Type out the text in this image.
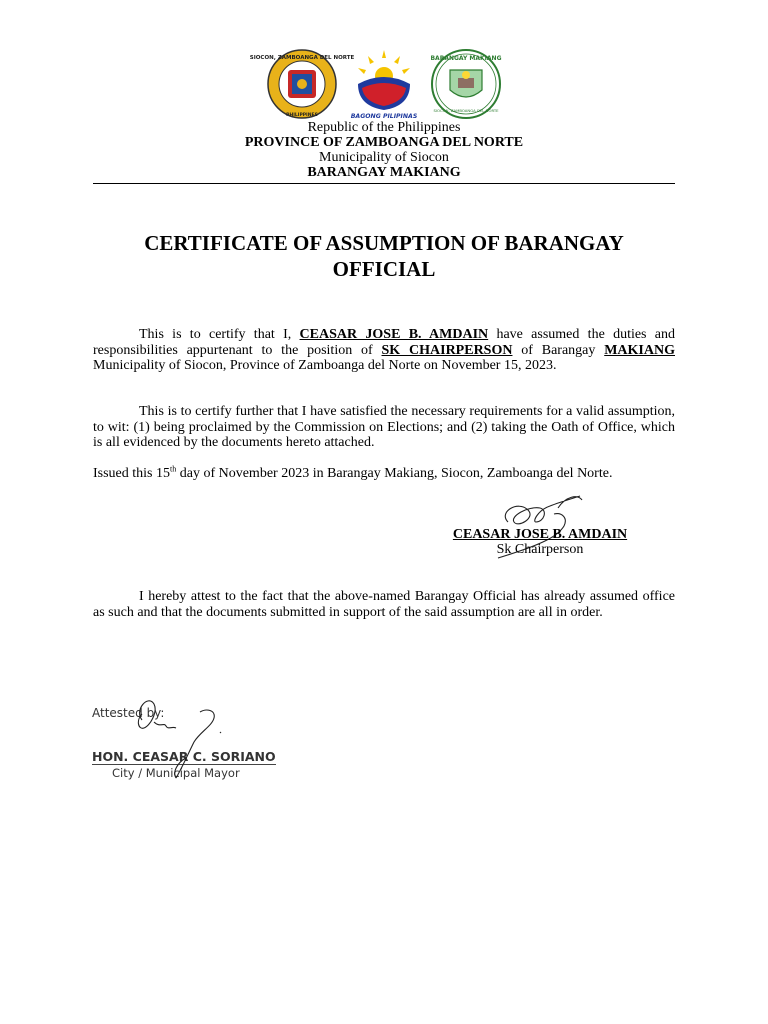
SIOCON, ZAMBOANGA DEL NORTE
PHILIPPINES	BAGONG PILIPINAS
BARANGAY MAKIANG
SIOCON, ZAMBOANGA DEL NORTE
Republic of the Philippines
PROVINCE OF ZAMBOANGA DEL NORTE
Municipality of Siocon
BARANGAY MAKIANG
CERTIFICATE OF ASSUMPTION OF BARANGAY OFFICIAL
This is to certify that I, CEASAR JOSE B. AMDAIN have assumed the duties and responsibilities appurtenant to the position of SK CHAIRPERSON of Barangay MAKIANG Municipality of Siocon, Province of Zamboanga del Norte on November 15, 2023.
This is to certify further that I have satisfied the necessary requirements for a valid assumption, to wit: (1) being proclaimed by the Commission on Elections; and (2) taking the Oath of Office, which is all evidenced by the documents hereto attached.
Issued this 15th day of November 2023 in Barangay Makiang, Siocon, Zamboanga del Norte.
CEASAR JOSE B. AMDAIN
Sk Chairperson
I hereby attest to the fact that the above-named Barangay Official has already assumed office as such and that the documents submitted in support of the said assumption are all in order.
Attested by:
HON. CEASAR C. SORIANO
City / Municipal Mayor
